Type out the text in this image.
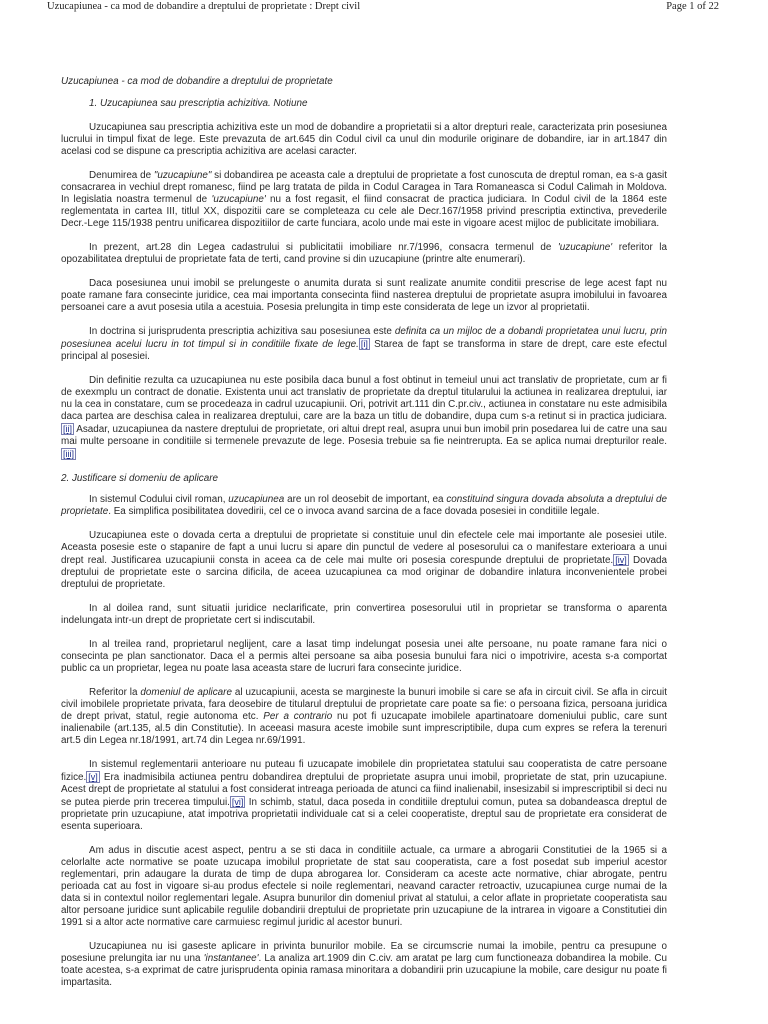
Uzucapiunea - ca mod de dobandire a dreptului de proprietate : Drept civil	Page 1 of 22
Uzucapiunea - ca mod de dobandire a dreptului de proprietate
1. Uzucapiunea sau prescriptia achizitiva. Notiune

Uzucapiunea sau prescriptia achizitiva este un mod de dobandire a proprietatii si a altor drepturi reale, caracterizata prin posesiunea lucrului in timpul fixat de lege. Este prevazuta de art.645 din Codul civil ca unul din modurile originare de dobandire, iar in art.1847 din acelasi cod se dispune ca prescriptia achizitiva are acelasi caracter.

Denumirea de "uzucapiune" si dobandirea pe aceasta cale a dreptului de proprietate a fost cunoscuta de dreptul roman, ea s-a gasit consacrarea in vechiul drept romanesc, fiind pe larg tratata de pilda in Codul Caragea in Tara Romaneasca si Codul Calimah in Moldova. In legislatia noastra termenul de 'uzucapiune' nu a fost regasit, el fiind consacrat de practica judiciara. In Codul civil de la 1864 este reglementata in cartea III, titlul XX, dispozitii care se completeaza cu cele ale Decr.167/1958 privind prescriptia extinctiva, prevederile Decr.-Lege 115/1938 pentru unificarea dispozitiilor de carte funciara, acolo unde mai este in vigoare acest mijloc de publicitate imobiliara.

In prezent, art.28 din Legea cadastrului si publicitatii imobiliare nr.7/1996, consacra termenul de 'uzucapiune' referitor la opozabilitatea dreptului de proprietate fata de terti, cand provine si din uzucapiune (printre alte enumerari).

Daca posesiunea unui imobil se prelungeste o anumita durata si sunt realizate anumite conditii prescrise de lege acest fapt nu poate ramane fara consecinte juridice, cea mai importanta consecinta fiind nasterea dreptului de proprietate asupra imobilului in favoarea persoanei care a avut posesia utila a acestuia. Posesia prelungita in timp este considerata de lege un izvor al proprietatii.

In doctrina si jurisprudenta prescriptia achizitiva sau posesiunea este definita ca un mijloc de a dobandi proprietatea unui lucru, prin posesiunea acelui lucru in tot timpul si in conditiile fixate de lege. [i] Starea de fapt se transforma in stare de drept, care este efectul principal al posesiei.

Din definitie rezulta ca uzucapiunea nu este posibila daca bunul a fost obtinut in temeiul unui act translativ de proprietate, cum ar fi de exexmplu un contract de donatie. Existenta unui act translativ de proprietate da dreptul titularului la actiunea in realizarea dreptului, iar nu la cea in constatare, cum se procedeaza in cadrul uzucapiunii. Ori, potrivit art.111 din C.pr.civ., actiunea in constatare nu este admisibila daca partea are deschisa calea in realizarea dreptului, care are la baza un titlu de dobandire, dupa cum s-a retinut si in practica judiciara.[ii] Asadar, uzucapiunea da nastere dreptului de proprietate, ori altui drept real, asupra unui bun imobil prin posedarea lui de catre una sau mai multe persoane in conditiile si termenele prevazute de lege. Posesia trebuie sa fie neintrerupta. Ea se aplica numai drepturilor reale.[iii]

2. Justificare si domeniu de aplicare

In sistemul Codului civil roman, uzucapiunea are un rol deosebit de important, ea constituind singura dovada absoluta a dreptului de proprietate. Ea simplifica posibilitatea dovedirii, cel ce o invoca avand sarcina de a face dovada posesiei in conditiile legale.

Uzucapiunea este o dovada certa a dreptului de proprietate si constituie unul din efectele cele mai importante ale posesiei utile. Aceasta posesie este o stapanire de fapt a unui lucru si apare din punctul de vedere al posesorului ca o manifestare exterioara a unui drept real. Justificarea uzucapiunii consta in aceea ca de cele mai multe ori posesia corespunde dreptului de proprietate. [iv] Dovada dreptului de proprietate este o sarcina dificila, de aceea uzucapiunea ca mod originar de dobandire inlatura inconvenientele probei dreptului de proprietate.

In al doilea rand, sunt situatii juridice neclarificate, prin convertirea posesorului util in proprietar se transforma o aparenta indelungata intr-un drept de proprietate cert si indiscutabil.

In al treilea rand, proprietarul neglijent, care a lasat timp indelungat posesia unei alte persoane, nu poate ramane fara nici o consecinta pe plan sanctionator. Daca el a permis altei persoane sa aiba posesia bunului fara nici o impotrivire, acesta s-a comportat public ca un proprietar, legea nu poate lasa aceasta stare de lucruri fara consecinte juridice.

Referitor la domeniul de aplicare al uzucapiunii, acesta se margineste la bunuri imobile si care se afa in circuit civil. Se afla in circuit civil imobilele proprietate privata, fara deosebire de titularul dreptului de proprietate care poate sa fie: o persoana fizica, persoana juridica de drept privat, statul, regie autonoma etc. Per a contrario nu pot fi uzucapate imobilele apartinatoare domeniului public, care sunt inalienabile (art.135, al.5 din Constitutie). In aceeasi masura aceste imobile sunt imprescriptibile, dupa cum expres se refera la terenuri art.5 din Legea nr.18/1991, art.74 din Legea nr.69/1991.

In sistemul reglementarii anterioare nu puteau fi uzucapate imobilele din proprietatea statului sau cooperatista de catre persoane fizice. [v] Era inadmisibila actiunea pentru dobandirea dreptului de proprietate asupra unui imobil, proprietate de stat, prin uzucapiune. Acest drept de proprietate al statului a fost considerat intreaga perioada de atunci ca fiind inalienabil, insesizabil si imprescriptibil si deci nu se putea pierde prin trecerea timpului. [vi] In schimb, statul, daca poseda in conditiile dreptului comun, putea sa dobandeasca dreptul de proprietate prin uzucapiune, atat impotriva proprietatii individuale cat si a celei cooperatiste, dreptul sau de proprietate era considerat de esenta superioara.

Am adus in discutie acest aspect, pentru a se sti daca in conditiile actuale, ca urmare a abrogarii Constitutiei de la 1965 si a celorlalte acte normative se poate uzucapa imobilul proprietate de stat sau cooperatista, care a fost posedat sub imperiul acestor reglementari, prin adaugare la durata de timp de dupa abrogarea lor. Consideram ca aceste acte normative, chiar abrogate, pentru perioada cat au fost in vigoare si-au produs efectele si noile reglementari, neavand caracter retroactiv, uzucapiunea curge numai de la data si in contextul noilor reglementari legale. Asupra bunurilor din domeniul privat al statului, a celor aflate in proprietate cooperatista sau altor persoane juridice sunt aplicabile regulile dobandirii dreptului de proprietate prin uzucapiune de la intrarea in vigoare a Constitutiei din 1991 si a altor acte normative care carmuiesc regimul juridic al acestor bunuri.

Uzucapiunea nu isi gaseste aplicare in privinta bunurilor mobile. Ea se circumscrie numai la imobile, pentru ca presupune o posesiune prelungita iar nu una 'instantanee'. La analiza art.1909 din C.civ. am aratat pe larg cum functioneaza dobandirea la mobile. Cu toate acestea, s-a exprimat de catre jurisprudenta opinia ramasa minoritara a dobandirii prin uzucapiune la mobile, care desigur nu poate fi impartasita.
